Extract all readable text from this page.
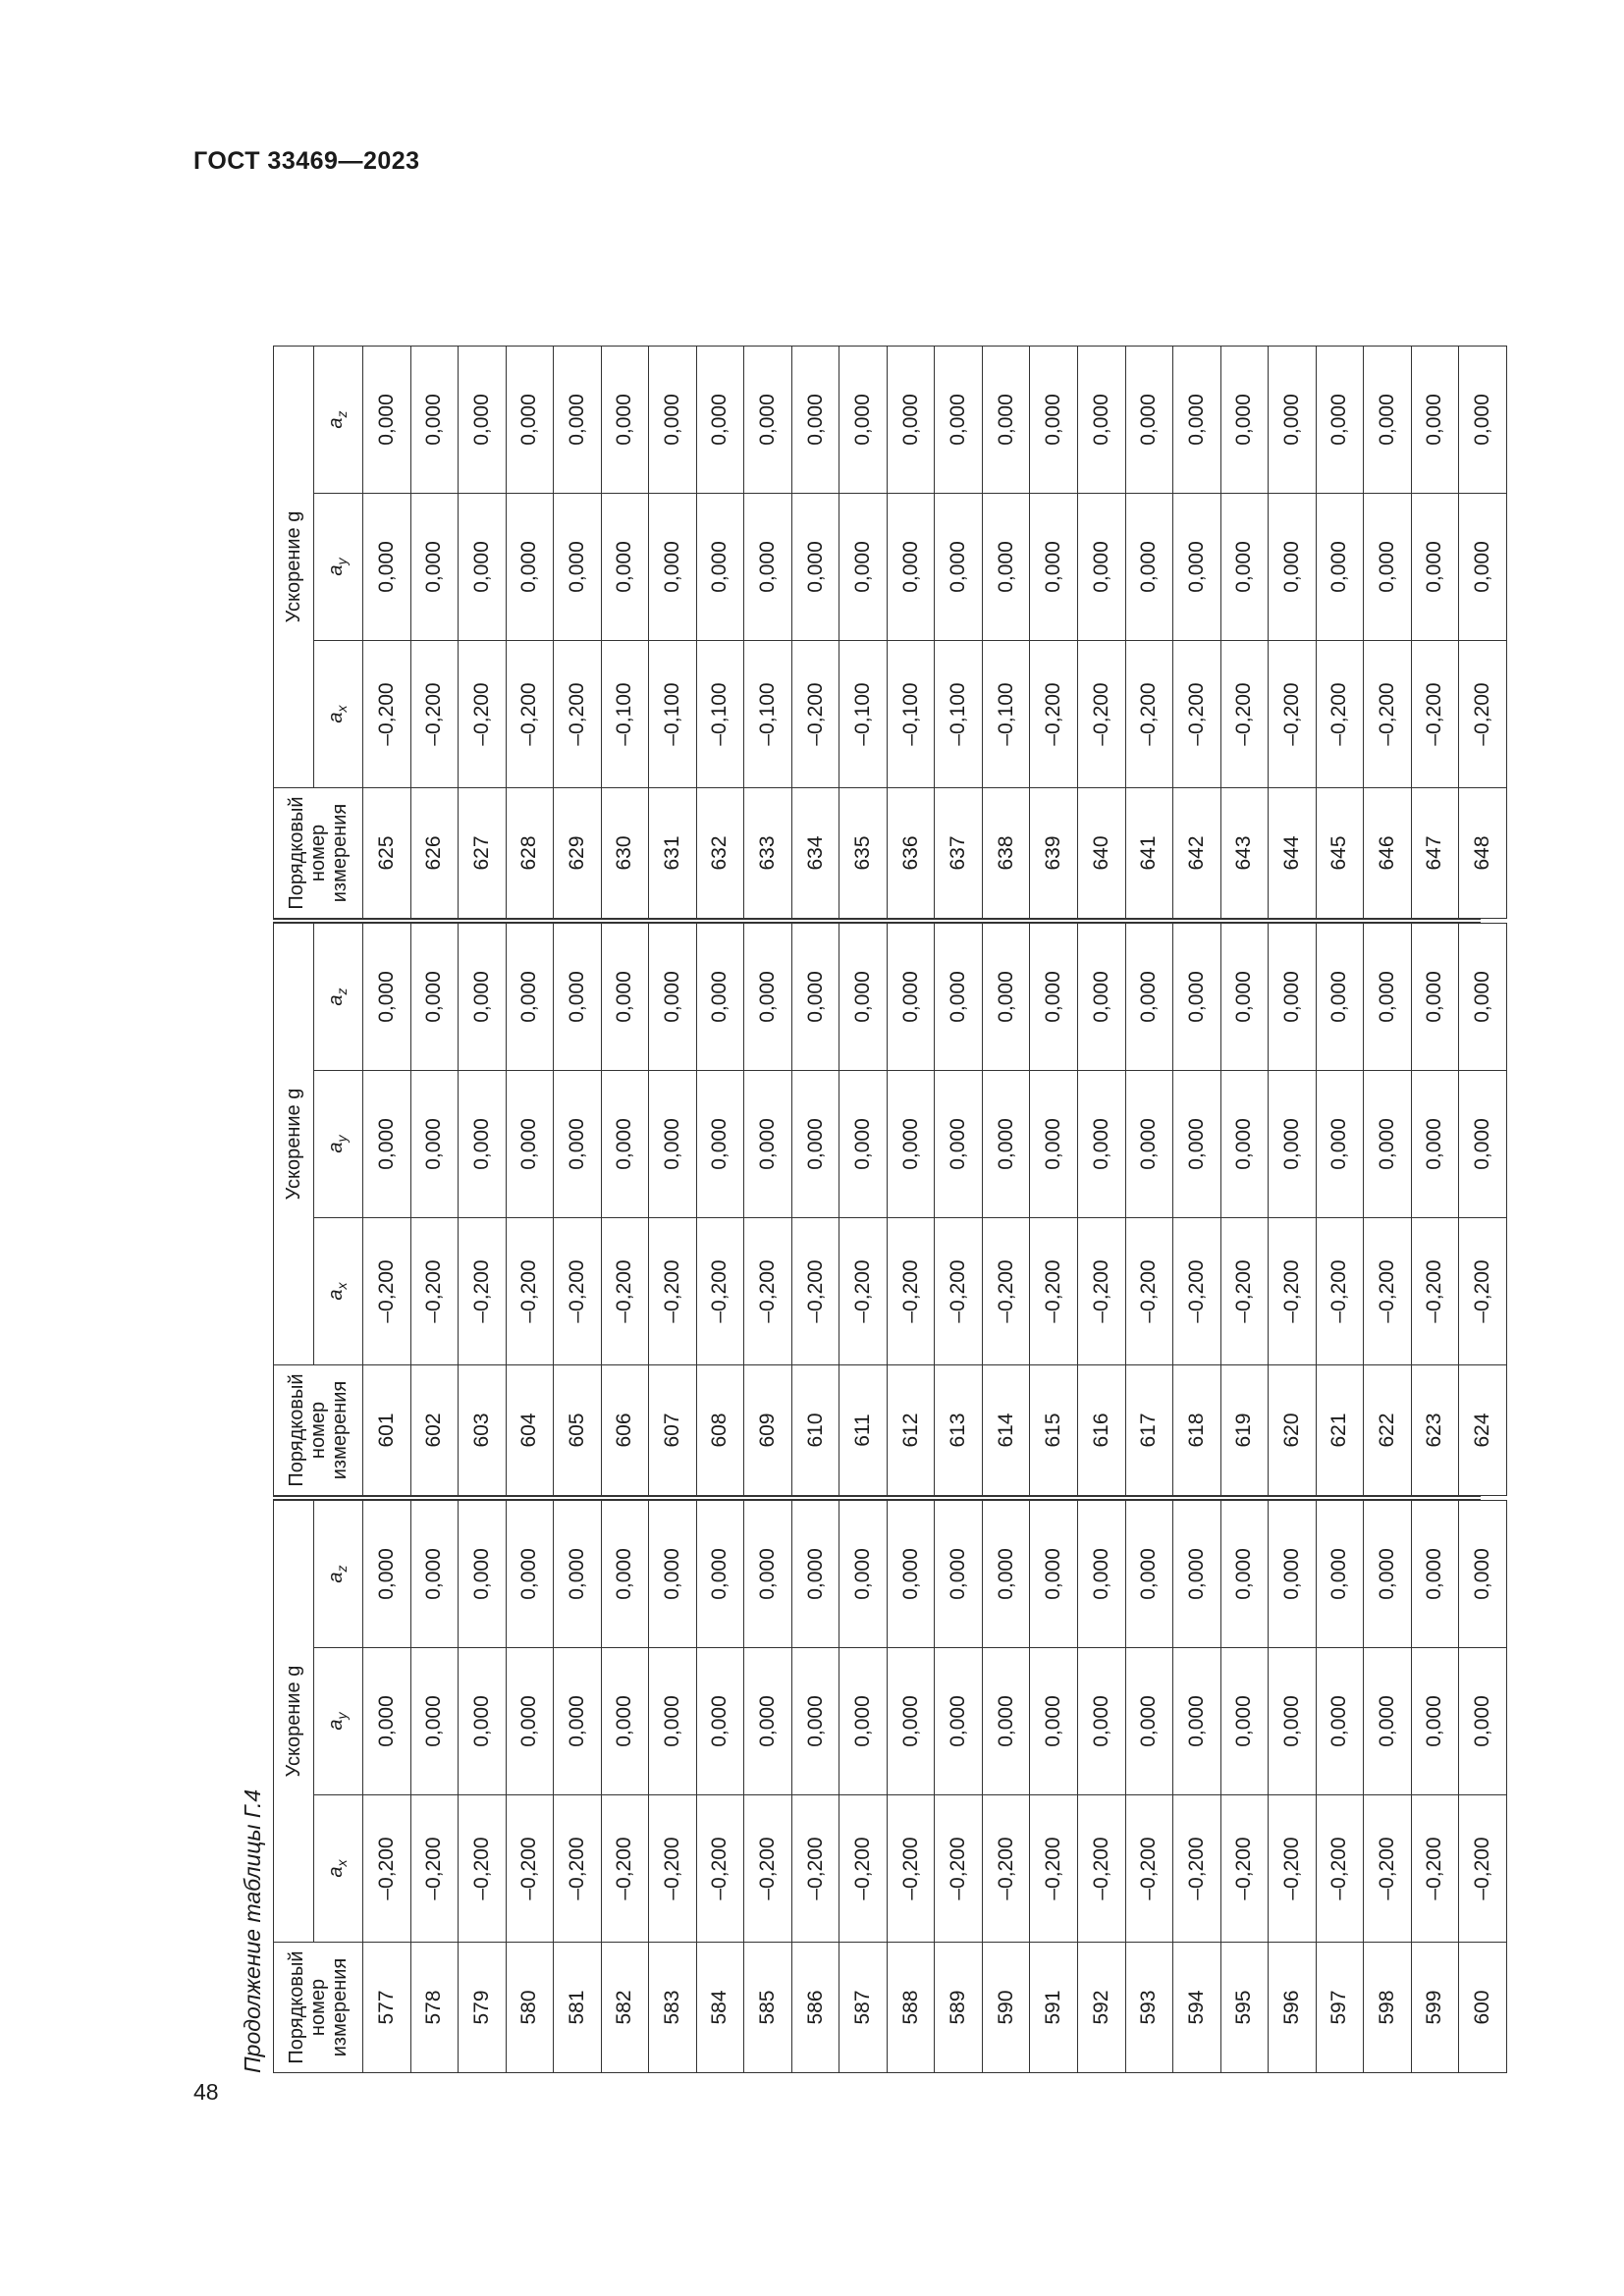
ГОСТ 33469—2023
Продолжение таблицы Г.4	Порядковый номер измерения	Ускорение g		
	$a_x$	$a_y$	$a_z$
577	–0,200	0,000	0,000
578	–0,200	0,000	0,000
579	–0,200	0,000	0,000
580	–0,200	0,000	0,000
581	–0,200	0,000	0,000
582	–0,200	0,000	0,000
583	–0,200	0,000	0,000
584	–0,200	0,000	0,000
585	–0,200	0,000	0,000
586	–0,200	0,000	0,000
587	–0,200	0,000	0,000
588	–0,200	0,000	0,000
589	–0,200	0,000	0,000
590	–0,200	0,000	0,000
591	–0,200	0,000	0,000
592	–0,200	0,000	0,000
593	–0,200	0,000	0,000
594	–0,200	0,000	0,000
595	–0,200	0,000	0,000
596	–0,200	0,000	0,000
597	–0,200	0,000	0,000
598	–0,200	0,000	0,000
599	–0,200	0,000	0,000
600	–0,200	0,000	0,000
Порядковый номер измерения	Ускорение g		
	$a_x$	$a_y$	$a_z$
601	–0,200	0,000	0,000
602	–0,200	0,000	0,000
603	–0,200	0,000	0,000
604	–0,200	0,000	0,000
605	–0,200	0,000	0,000
606	–0,200	0,000	0,000
607	–0,200	0,000	0,000
608	–0,200	0,000	0,000
609	–0,200	0,000	0,000
610	–0,200	0,000	0,000
611	–0,200	0,000	0,000
612	–0,200	0,000	0,000
613	–0,200	0,000	0,000
614	–0,200	0,000	0,000
615	–0,200	0,000	0,000
616	–0,200	0,000	0,000
617	–0,200	0,000	0,000
618	–0,200	0,000	0,000
619	–0,200	0,000	0,000
620	–0,200	0,000	0,000
621	–0,200	0,000	0,000
622	–0,200	0,000	0,000
623	–0,200	0,000	0,000
624	–0,200	0,000	0,000
Порядковый номер измерения	Ускорение g		
	$a_x$	$a_y$	$a_z$
625	–0,200	0,000	0,000
626	–0,200	0,000	0,000
627	–0,200	0,000	0,000
628	–0,200	0,000	0,000
629	–0,200	0,000	0,000
630	–0,100	0,000	0,000
631	–0,100	0,000	0,000
632	–0,100	0,000	0,000
633	–0,100	0,000	0,000
634	–0,200	0,000	0,000
635	–0,100	0,000	0,000
636	–0,100	0,000	0,000
637	–0,100	0,000	0,000
638	–0,100	0,000	0,000
639	–0,200	0,000	0,000
640	–0,200	0,000	0,000
641	–0,200	0,000	0,000
642	–0,200	0,000	0,000
643	–0,200	0,000	0,000
644	–0,200	0,000	0,000
645	–0,200	0,000	0,000
646	–0,200	0,000	0,000
647	–0,200	0,000	0,000
648	–0,200	0,000	0,000
48
